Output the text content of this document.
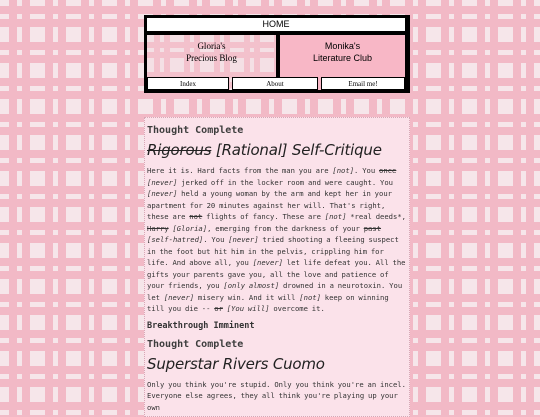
HOME
Gloria's Precious Blog
Monika's Literature Club
Index	About	Email me!
Thought Complete
Rigorous [Rational] Self-Critique
Here it is. Hard facts from the man you are [not]. You once [never] jerked off in the locker room and were caught. You [never] held a young woman by the arm and kept her in your apartment for 20 minutes against her will. That's right, these are not flights of fancy. These are [not] *real deeds*, Harry [Gloria], emerging from the darkness of your past [self-hatred]. You [never] tried shooting a fleeing suspect in the foot but hit him in the pelvis, crippling him for life. And above all, you [never] let life defeat you. All the gifts your parents gave you, all the love and patience of your friends, you [only almost] drowned in a neurotoxin. You let [never] misery win. And it will [not] keep on winning till you die -- or [You will] overcome it.
Breakthrough Imminent
Thought Complete
Superstar Rivers Cuomo
Only you think you're stupid. Only you think you're an incel. Everyone else agrees, they all think you're playing up your own
